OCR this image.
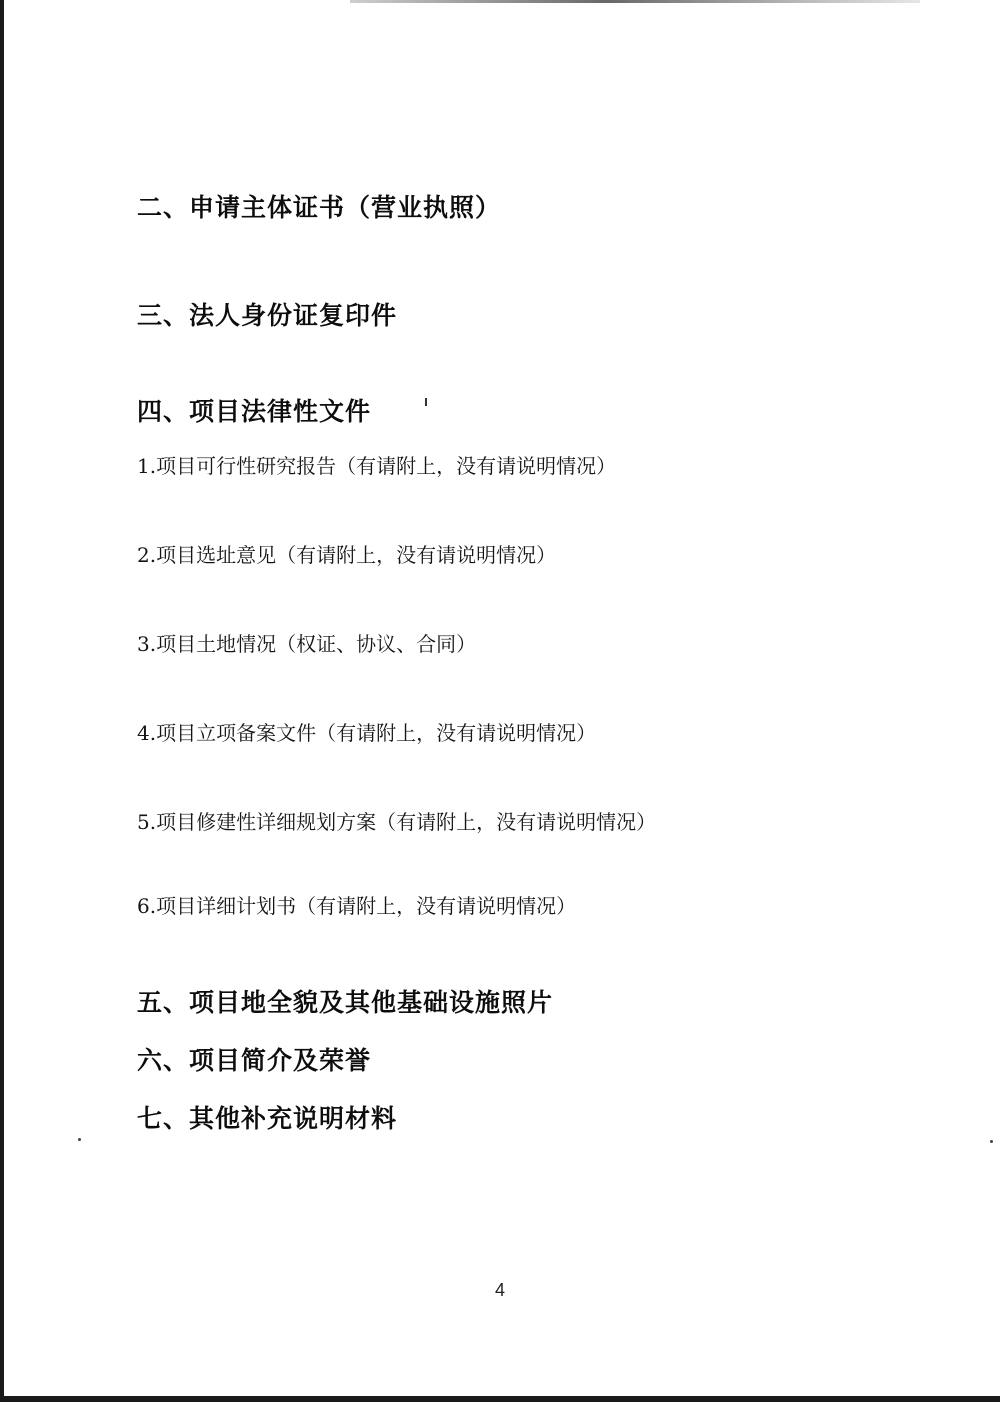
二、申请主体证书（营业执照）

三、法人身份证复印件

四、项目法律性文件

1.项目可行性研究报告（有请附上，没有请说明情况）

2.项目选址意见（有请附上，没有请说明情况）

3.项目土地情况（权证、协议、合同）

4.项目立项备案文件（有请附上，没有请说明情况）

5.项目修建性详细规划方案（有请附上，没有请说明情况）

6.项目详细计划书（有请附上，没有请说明情况）

五、项目地全貌及其他基础设施照片

六、项目简介及荣誉

七、其他补充说明材料

4
